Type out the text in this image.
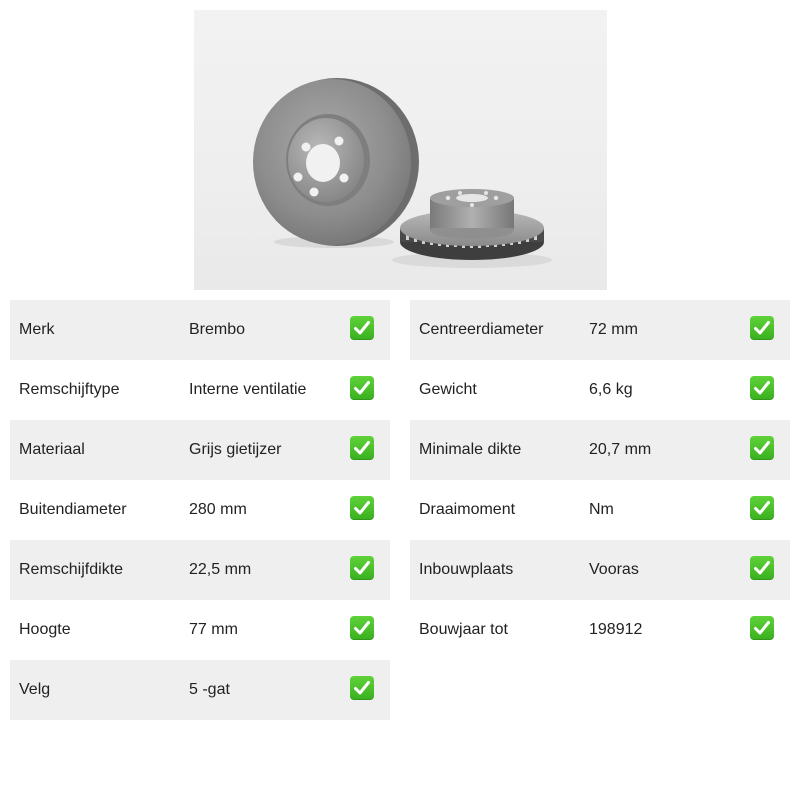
Merk	Brembo
Remschijftype	Interne ventilatie
Materiaal	Grijs gietijzer
Buitendiameter	280 mm
Remschijfdikte	22,5 mm
Hoogte	77 mm
Velg	5 -gat
Centreerdiameter	72 mm
Gewicht	6,6 kg
Minimale dikte	20,7 mm
Draaimoment	Nm
Inbouwplaats	Vooras
Bouwjaar tot	198912
